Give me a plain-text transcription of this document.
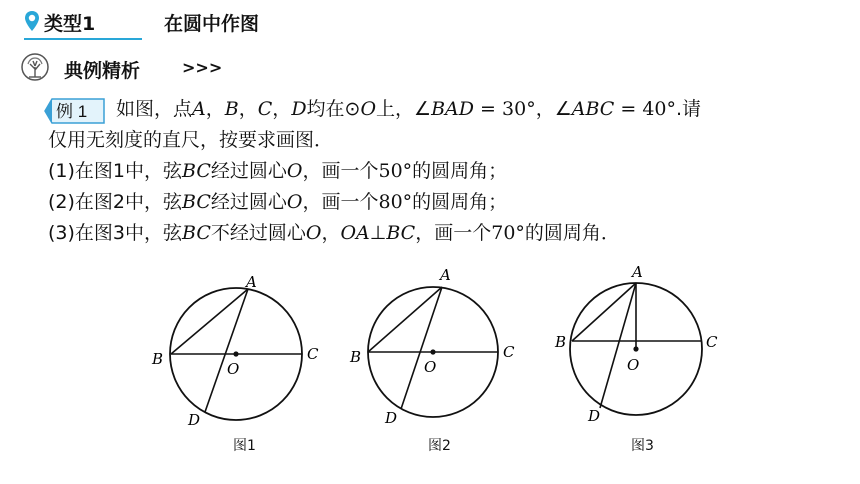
类型1	在圆中作图
典例精析	>>>
例 1	如图，点A，B，C，D均在⊙O上，∠BAD = 30°，∠ABC = 40°.请
仅用无刻度的直尺，按要求画图．
(1)在图1中，弦BC经过圆心O，画一个50°的圆周角；
(2)在图2中，弦BC经过圆心O，画一个80°的圆周角；
(3)在图3中，弦BC不经过圆心O，OA⊥BC，画一个70°的圆周角．
A
B	C
D
O
图1
A
B	C
D
O
图2
A
B	C
D
O
图3
